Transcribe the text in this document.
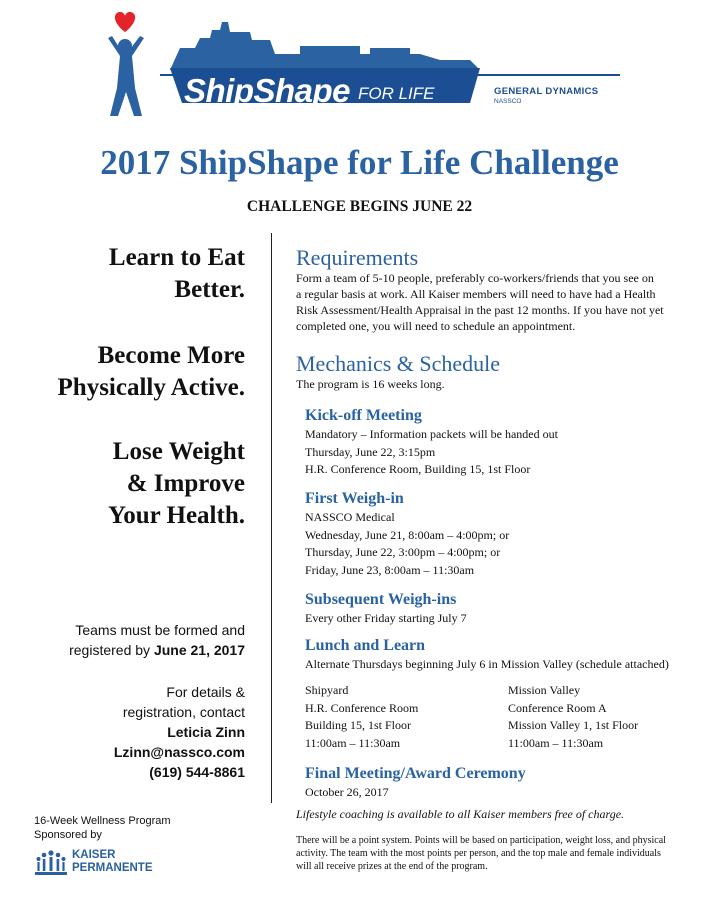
ShipShape FOR LIFE	GENERAL DYNAMICS
NASSCO
2017 ShipShape for Life Challenge
CHALLENGE BEGINS JUNE 22
Learn to Eat
Better.
Become More
Physically Active.
Lose Weight
& Improve
Your Health.
Teams must be formed and
registered by June 21, 2017
For details &
registration, contact
Leticia Zinn
Lzinn@nassco.com
(619) 544-8861
16-Week Wellness Program
Sponsored by
KAISER
PERMANENTE
Requirements
Form a team of 5-10 people, preferably co-workers/friends that you see on
a regular basis at work. All Kaiser members will need to have had a Health
Risk Assessment/Health Appraisal in the past 12 months. If you have not yet
completed one, you will need to schedule an appointment.
Mechanics & Schedule
The program is 16 weeks long.
Kick-off Meeting
Mandatory – Information packets will be handed out
Thursday, June 22, 3:15pm
H.R. Conference Room, Building 15, 1st Floor
First Weigh-in
NASSCO Medical
Wednesday, June 21, 8:00am – 4:00pm; or
Thursday, June 22, 3:00pm – 4:00pm; or
Friday, June 23, 8:00am – 11:30am
Subsequent Weigh-ins
Every other Friday starting July 7
Lunch and Learn
Alternate Thursdays beginning July 6 in Mission Valley (schedule attached)
Shipyard
H.R. Conference Room
Building 15, 1st Floor
11:00am – 11:30am
Mission Valley
Conference Room A
Mission Valley 1, 1st Floor
11:00am – 11:30am
Final Meeting/Award Ceremony
October 26, 2017
Lifestyle coaching is available to all Kaiser members free of charge.
There will be a point system. Points will be based on participation, weight loss, and physical
activity. The team with the most points per person, and the top male and female individuals
will all receive prizes at the end of the program.
